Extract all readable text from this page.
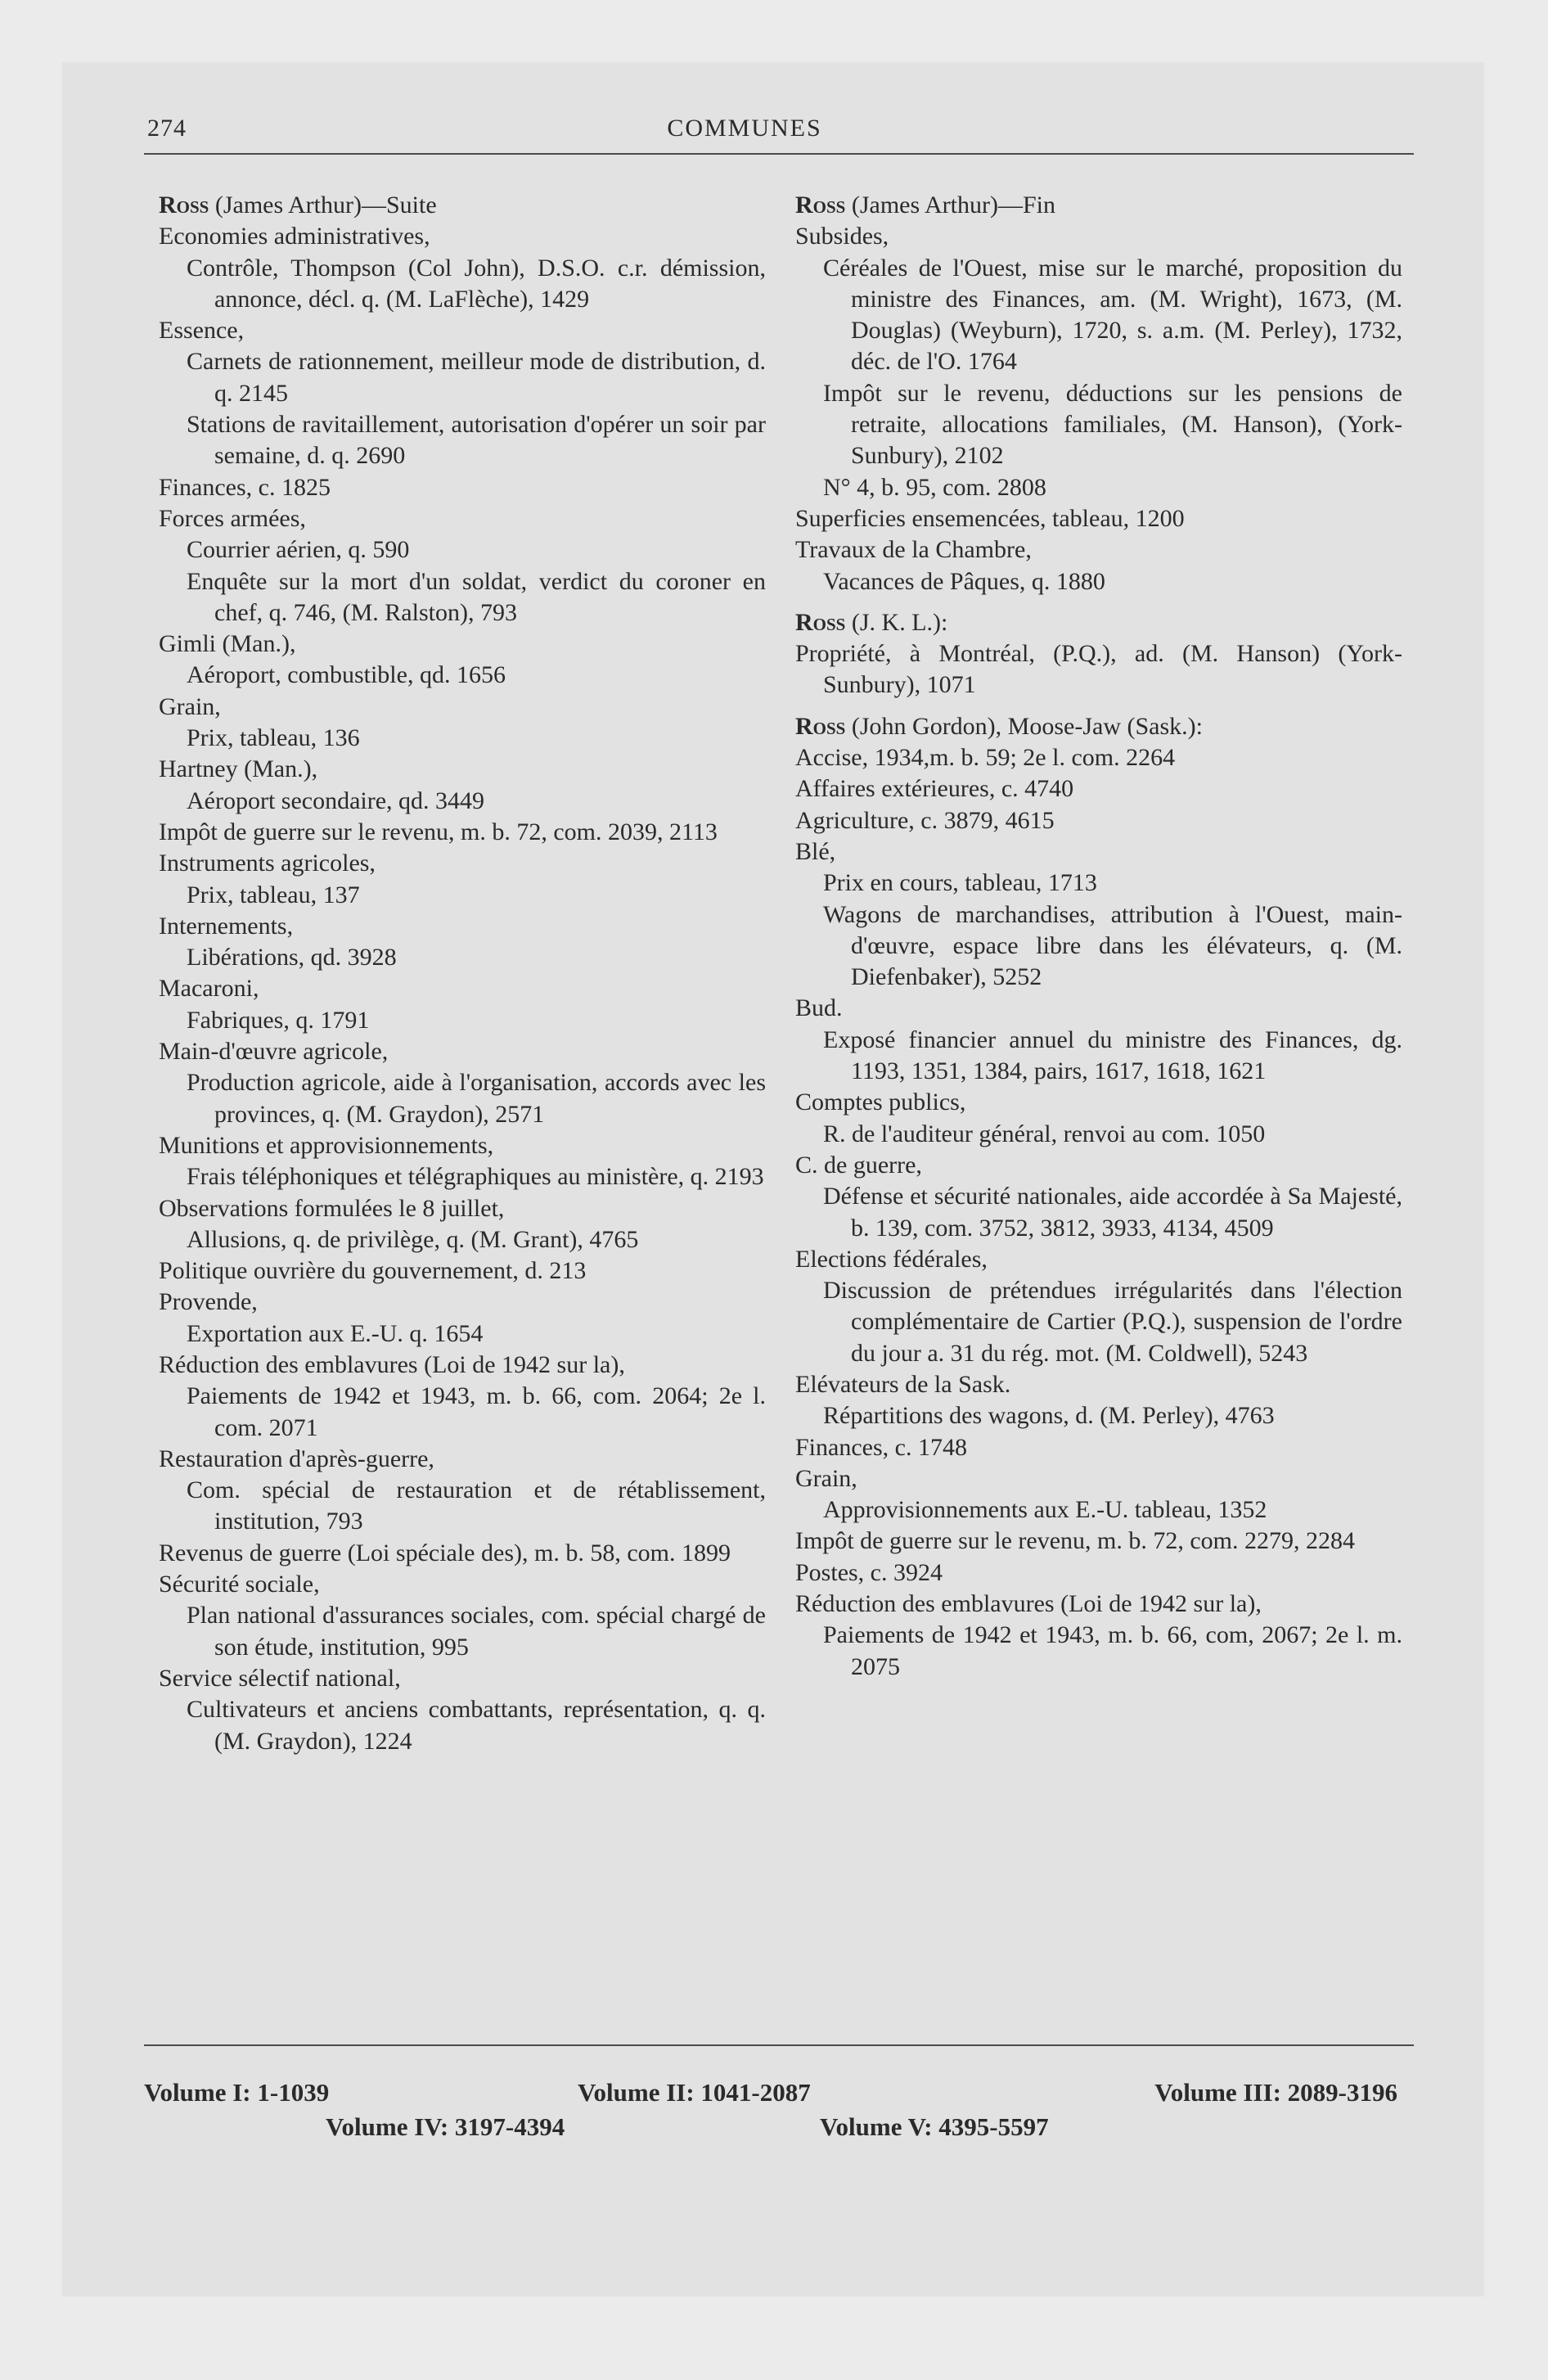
274	COMMUNES
Ross (James Arthur)—Suite
Economies administratives,
Contrôle, Thompson (Col John), D.S.O. c.r. démission, annonce, décl. q. (M. LaFlèche), 1429
Essence,
Carnets de rationnement, meilleur mode de distribution, d. q. 2145
Stations de ravitaillement, autorisation d'opérer un soir par semaine, d. q. 2690
Finances, c. 1825
Forces armées,
Courrier aérien, q. 590
Enquête sur la mort d'un soldat, verdict du coroner en chef, q. 746, (M. Ralston), 793
Gimli (Man.),
Aéroport, combustible, qd. 1656
Grain,
Prix, tableau, 136
Hartney (Man.),
Aéroport secondaire, qd. 3449
Impôt de guerre sur le revenu, m. b. 72, com. 2039, 2113
Instruments agricoles,
Prix, tableau, 137
Internements,
Libérations, qd. 3928
Macaroni,
Fabriques, q. 1791
Main-d'œuvre agricole,
Production agricole, aide à l'organisation, accords avec les provinces, q. (M. Graydon), 2571
Munitions et approvisionnements,
Frais téléphoniques et télégraphiques au ministère, q. 2193
Observations formulées le 8 juillet,
Allusions, q. de privilège, q. (M. Grant), 4765
Politique ouvrière du gouvernement, d. 213
Provende,
Exportation aux E.-U. q. 1654
Réduction des emblavures (Loi de 1942 sur la),
Paiements de 1942 et 1943, m. b. 66, com. 2064; 2e l. com. 2071
Restauration d'après-guerre,
Com. spécial de restauration et de rétablissement, institution, 793
Revenus de guerre (Loi spéciale des), m. b. 58, com. 1899
Sécurité sociale,
Plan national d'assurances sociales, com. spécial chargé de son étude, institution, 995
Service sélectif national,
Cultivateurs et anciens combattants, représentation, q. q. (M. Graydon), 1224
Ross (James Arthur)—Fin
Subsides,
Céréales de l'Ouest, mise sur le marché, proposition du ministre des Finances, am. (M. Wright), 1673, (M. Douglas) (Weyburn), 1720, s. a.m. (M. Perley), 1732, déc. de l'O. 1764
Impôt sur le revenu, déductions sur les pensions de retraite, allocations familiales, (M. Hanson), (York-Sunbury), 2102
N° 4, b. 95, com. 2808
Superficies ensemencées, tableau, 1200
Travaux de la Chambre,
Vacances de Pâques, q. 1880
Ross (J. K. L.):
Propriété, à Montréal, (P.Q.), ad. (M. Hanson) (York-Sunbury), 1071
Ross (John Gordon), Moose-Jaw (Sask.):
Accise, 1934,m. b. 59; 2e l. com. 2264
Affaires extérieures, c. 4740
Agriculture, c. 3879, 4615
Blé,
Prix en cours, tableau, 1713
Wagons de marchandises, attribution à l'Ouest, main-d'œuvre, espace libre dans les élévateurs, q. (M. Diefenbaker), 5252
Bud.
Exposé financier annuel du ministre des Finances, dg. 1193, 1351, 1384, pairs, 1617, 1618, 1621
Comptes publics,
R. de l'auditeur général, renvoi au com. 1050
C. de guerre,
Défense et sécurité nationales, aide accordée à Sa Majesté, b. 139, com. 3752, 3812, 3933, 4134, 4509
Elections fédérales,
Discussion de prétendues irrégularités dans l'élection complémentaire de Cartier (P.Q.), suspension de l'ordre du jour a. 31 du rég. mot. (M. Coldwell), 5243
Elévateurs de la Sask.
Répartitions des wagons, d. (M. Perley), 4763
Finances, c. 1748
Grain,
Approvisionnements aux E.-U. tableau, 1352
Impôt de guerre sur le revenu, m. b. 72, com. 2279, 2284
Postes, c. 3924
Réduction des emblavures (Loi de 1942 sur la),
Paiements de 1942 et 1943, m. b. 66, com, 2067; 2e l. m. 2075
Volume I: 1-1039	Volume II: 1041-2087	Volume III: 2089-3196
Volume IV: 3197-4394	Volume V: 4395-5597
